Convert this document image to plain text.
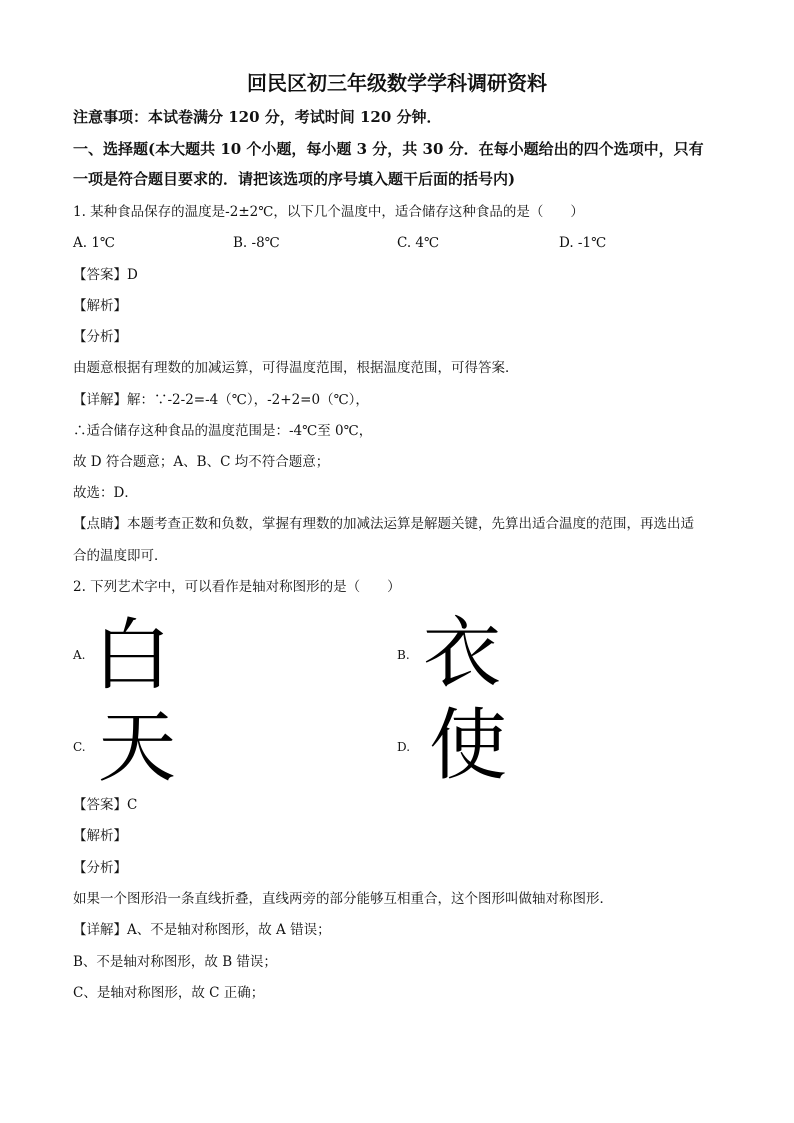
回民区初三年级数学学科调研资料
注意事项：本试卷满分 120 分，考试时间 120 分钟．
一、选择题(本大题共 10 个小题，每小题 3 分，共 30 分．在每小题给出的四个选项中，只有
一项是符合题目要求的．请把该选项的序号填入题干后面的括号内)
1. 某种食品保存的温度是-2±2℃，以下几个温度中，适合储存这种食品的是（　　）
A. 1℃	B. -8℃	C. 4℃	D. -1℃
【答案】D
【解析】
【分析】
由题意根据有理数的加减运算，可得温度范围，根据温度范围，可得答案．
【详解】解：∵-2-2=-4（℃），-2+2=0（℃），
∴适合储存这种食品的温度范围是：-4℃至 0℃，
故 D 符合题意；A、B、C 均不符合题意；
故选：D．
【点睛】本题考查正数和负数，掌握有理数的加减法运算是解题关键，先算出适合温度的范围，再选出适
合的温度即可．
2. 下列艺术字中，可以看作是轴对称图形的是（　　）
A. 白	B. 衣
C. 天	D. 使
【答案】C
【解析】
【分析】
如果一个图形沿一条直线折叠，直线两旁的部分能够互相重合，这个图形叫做轴对称图形．
【详解】A、不是轴对称图形，故 A 错误；
B、不是轴对称图形，故 B 错误；
C、是轴对称图形，故 C 正确；
